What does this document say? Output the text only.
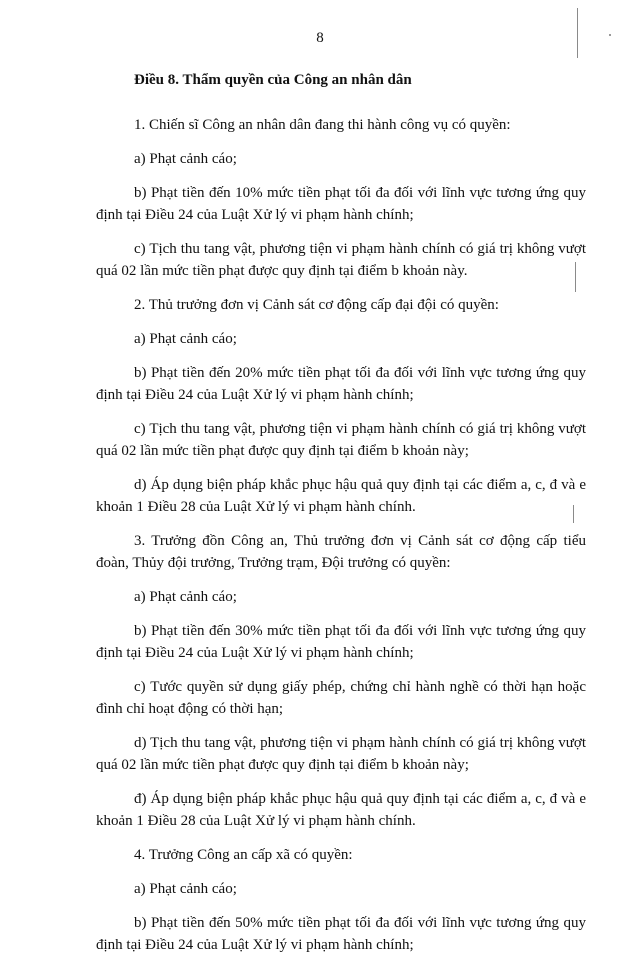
8
Điều 8. Thẩm quyền của Công an nhân dân

1. Chiến sĩ Công an nhân dân đang thi hành công vụ có quyền:

a) Phạt cảnh cáo;

b) Phạt tiền đến 10% mức tiền phạt tối đa đối với lĩnh vực tương ứng quy định tại Điều 24 của Luật Xử lý vi phạm hành chính;

c) Tịch thu tang vật, phương tiện vi phạm hành chính có giá trị không vượt quá 02 lần mức tiền phạt được quy định tại điểm b khoản này.

2. Thủ trưởng đơn vị Cảnh sát cơ động cấp đại đội có quyền:

a) Phạt cảnh cáo;

b) Phạt tiền đến 20% mức tiền phạt tối đa đối với lĩnh vực tương ứng quy định tại Điều 24 của Luật Xử lý vi phạm hành chính;

c) Tịch thu tang vật, phương tiện vi phạm hành chính có giá trị không vượt quá 02 lần mức tiền phạt được quy định tại điểm b khoản này;

d) Áp dụng biện pháp khắc phục hậu quả quy định tại các điểm a, c, đ và e khoản 1 Điều 28 của Luật Xử lý vi phạm hành chính.

3. Trưởng đồn Công an, Thủ trưởng đơn vị Cảnh sát cơ động cấp tiểu đoàn, Thủy đội trưởng, Trưởng trạm, Đội trưởng có quyền:

a) Phạt cảnh cáo;

b) Phạt tiền đến 30% mức tiền phạt tối đa đối với lĩnh vực tương ứng quy định tại Điều 24 của Luật Xử lý vi phạm hành chính;

c) Tước quyền sử dụng giấy phép, chứng chỉ hành nghề có thời hạn hoặc đình chỉ hoạt động có thời hạn;

d) Tịch thu tang vật, phương tiện vi phạm hành chính có giá trị không vượt quá 02 lần mức tiền phạt được quy định tại điểm b khoản này;

đ) Áp dụng biện pháp khắc phục hậu quả quy định tại các điểm a, c, đ và e khoản 1 Điều 28 của Luật Xử lý vi phạm hành chính.

4. Trưởng Công an cấp xã có quyền:

a) Phạt cảnh cáo;

b) Phạt tiền đến 50% mức tiền phạt tối đa đối với lĩnh vực tương ứng quy định tại Điều 24 của Luật Xử lý vi phạm hành chính;
